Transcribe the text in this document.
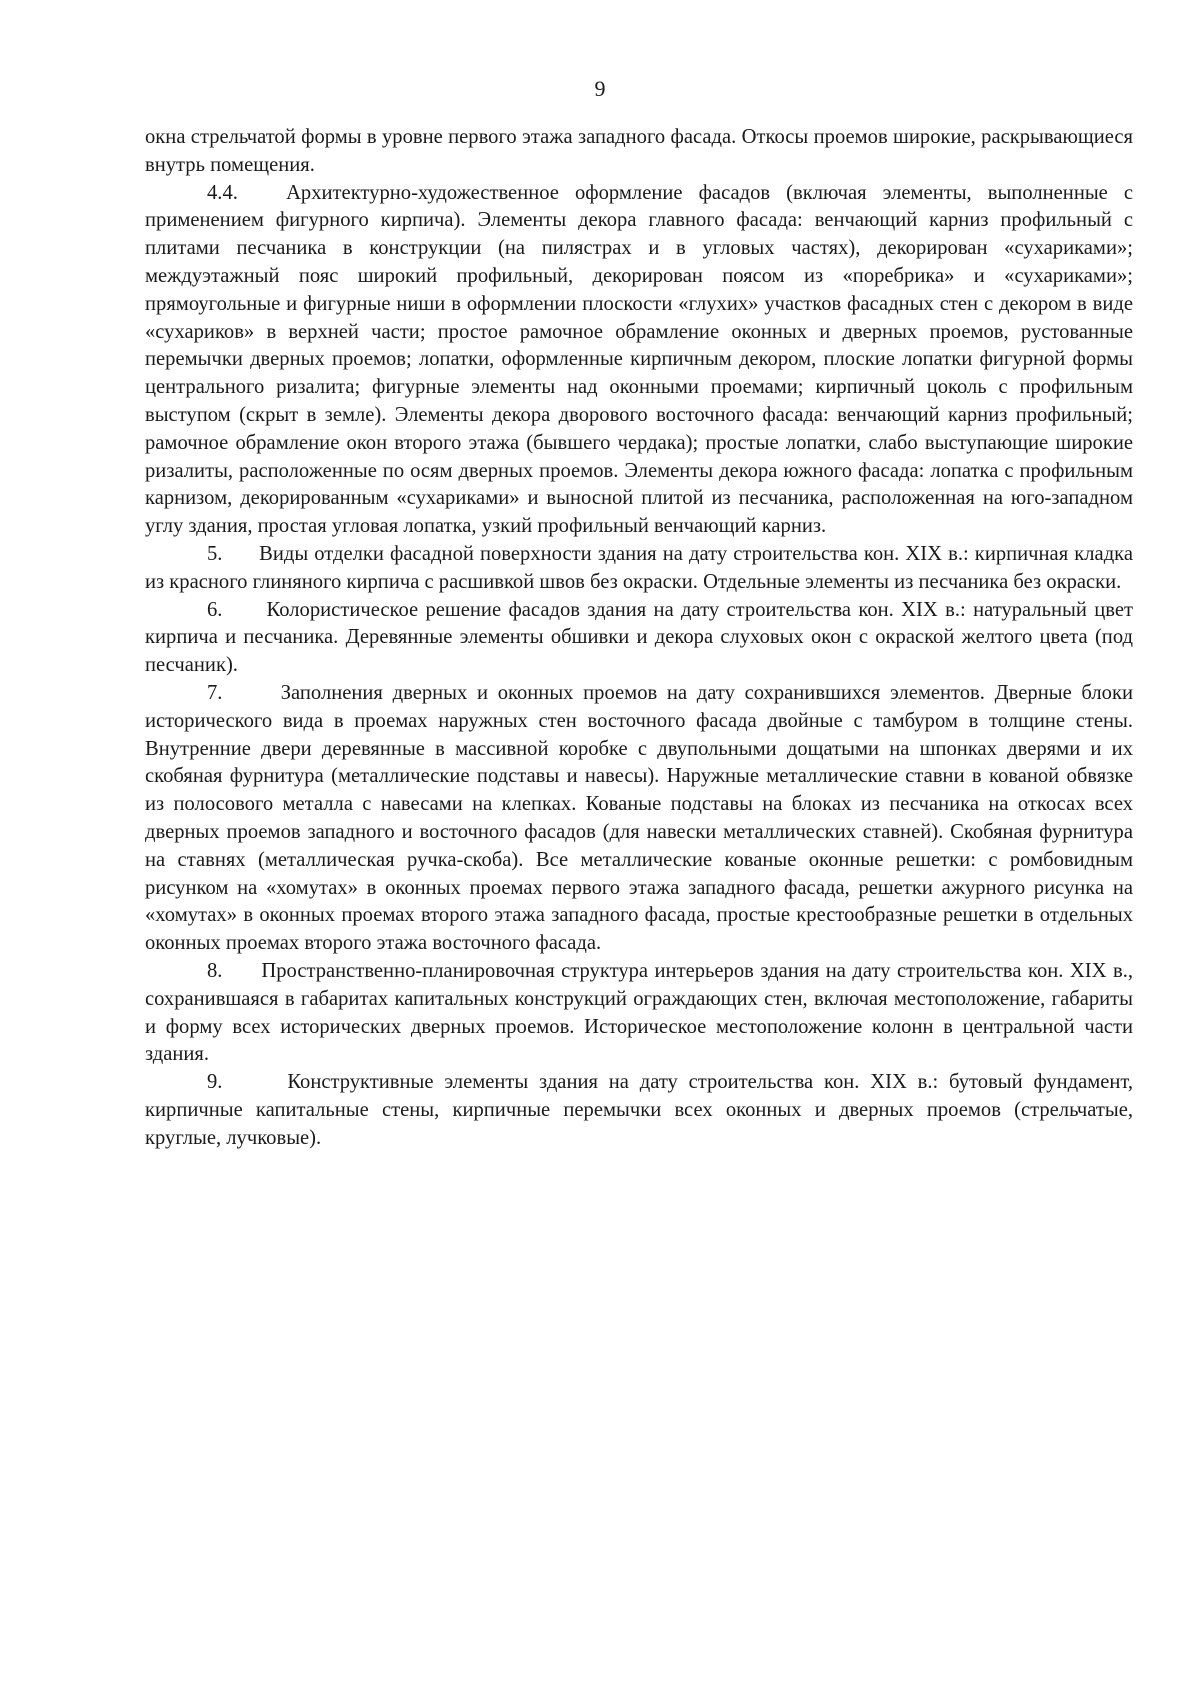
9

окна стрельчатой формы в уровне первого этажа западного фасада. Откосы проемов широкие, раскрывающиеся внутрь помещения.

4.4. Архитектурно-художественное оформление фасадов (включая элементы, выполненные с применением фигурного кирпича). Элементы декора главного фасада: венчающий карниз профильный с плитами песчаника в конструкции (на пилястрах и в угловых частях), декорирован «сухариками»; междуэтажный пояс широкий профильный, декорирован поясом из «поребрика» и «сухариками»; прямоугольные и фигурные ниши в оформлении плоскости «глухих» участков фасадных стен с декором в виде «сухариков» в верхней части; простое рамочное обрамление оконных и дверных проемов, рустованные перемычки дверных проемов; лопатки, оформленные кирпичным декором, плоские лопатки фигурной формы центрального ризалита; фигурные элементы над оконными проемами; кирпичный цоколь с профильным выступом (скрыт в земле). Элементы декора дворового восточного фасада: венчающий карниз профильный; рамочное обрамление окон второго этажа (бывшего чердака); простые лопатки, слабо выступающие широкие ризалиты, расположенные по осям дверных проемов. Элементы декора южного фасада: лопатка с профильным карнизом, декорированным «сухариками» и выносной плитой из песчаника, расположенная на юго-западном углу здания, простая угловая лопатка, узкий профильный венчающий карниз.

5. Виды отделки фасадной поверхности здания на дату строительства кон. XIX в.: кирпичная кладка из красного глиняного кирпича с расшивкой швов без окраски. Отдельные элементы из песчаника без окраски.

6. Колористическое решение фасадов здания на дату строительства кон. XIX в.: натуральный цвет кирпича и песчаника. Деревянные элементы обшивки и декора слуховых окон с окраской желтого цвета (под песчаник).

7.	Заполнения дверных и оконных проемов на дату сохранившихся элементов. Дверные блоки исторического вида в проемах наружных стен восточного фасада двойные с тамбуром в толщине стены. Внутренние двери деревянные в массивной коробке с двупольными дощатыми на шпонках дверями и их скобяная фурнитура (металлические подставы и навесы). Наружные металлические ставни в кованой обвязке из полосового металла с навесами на клепках. Кованые подставы на блоках из песчаника на откосах всех дверных проемов западного и восточного фасадов (для навески металлических ставней). Скобяная фурнитура на ставнях (металлическая ручка-скоба). Все металлические кованые оконные решетки: с ромбовидным рисунком на «хомутах» в оконных проемах первого этажа западного фасада, решетки ажурного рисунка на «хомутах» в оконных проемах второго этажа западного фасада, простые крестообразные решетки в отдельных оконных проемах второго этажа восточного фасада.

8. Пространственно-планировочная структура интерьеров здания на дату строительства кон. XIX в., сохранившаяся в габаритах капитальных конструкций ограждающих стен, включая местоположение, габариты и форму всех исторических дверных проемов. Историческое местоположение колонн в центральной части здания.

9.	Конструктивные элементы здания на дату строительства кон. XIX в.: бутовый фундамент, кирпичные капитальные стены, кирпичные перемычки всех оконных и дверных проемов (стрельчатые, круглые, лучковые).
